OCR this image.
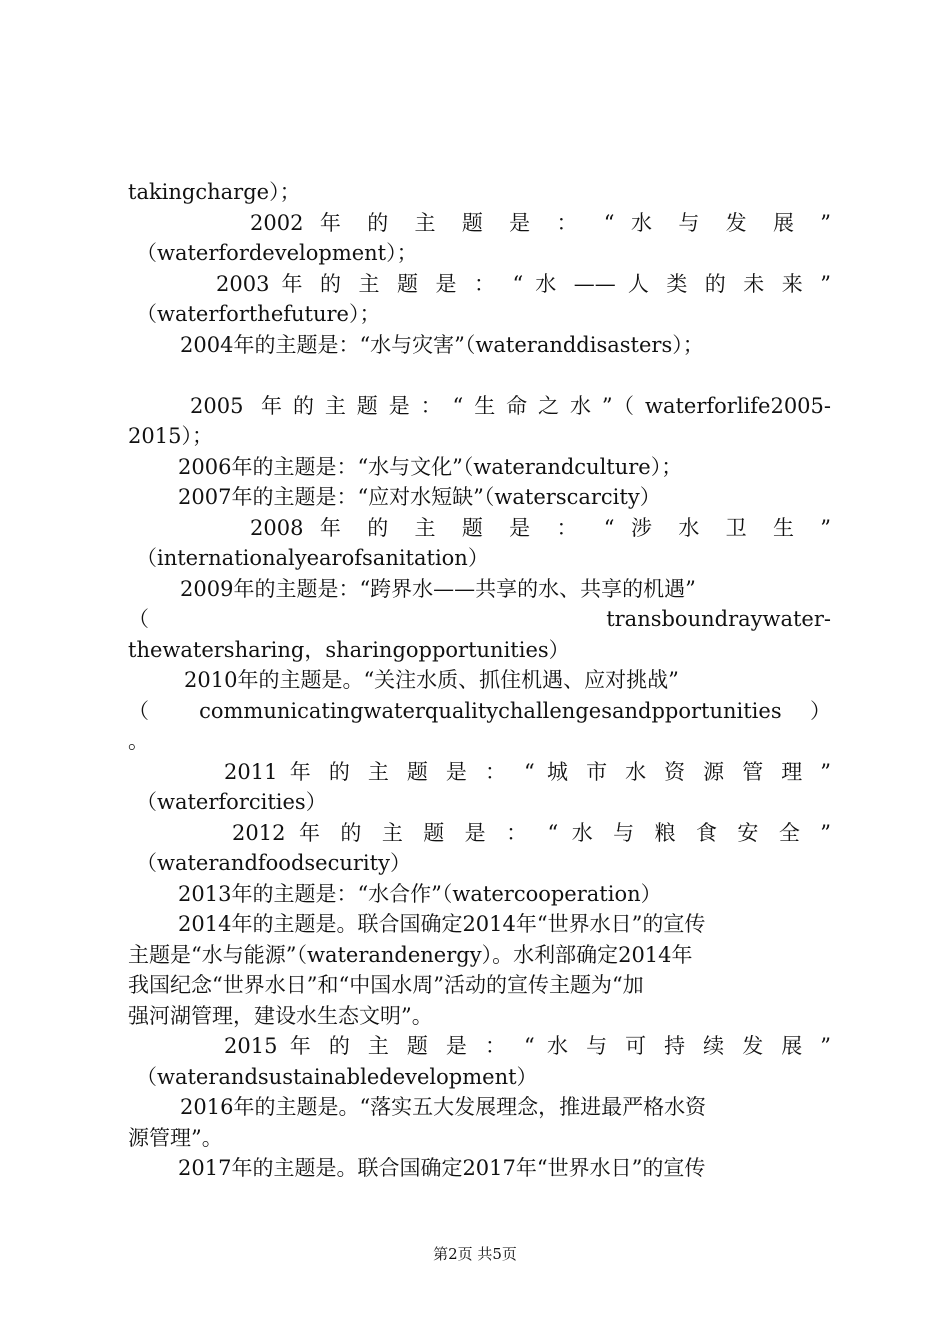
takingcharge）；
2002 年 的 主 题 是 ： “ 水 与 发 展 ”
（waterfordevelopment）；
2003 年 的 主 题 是 ： “ 水 —— 人 类 的 未 来 ”
（waterforthefuture）；
2004年的主题是：“水与灾害”（wateranddisasters）；
2005 年的主题是：“生命之水”（waterforlife2005-
2015）；
2006年的主题是：“水与文化”（waterandculture）；
2007年的主题是：“应对水短缺”（waterscarcity）
2008 年 的 主 题 是 ： “ 涉 水 卫 生 ”
（internationalyearofsanitation）
2009年的主题是：“跨界水——共享的水、共享的机遇”
（ transboundraywater-
thewatersharing，sharingopportunities）
2010年的主题是。“关注水质、抓住机遇、应对挑战”
（ communicatingwaterqualitychallengesandpportunities ）
。
2011 年 的 主 题 是 ： “ 城 市 水 资 源 管 理 ”
（waterforcities）
2012 年 的 主 题 是 ： “ 水 与 粮 食 安 全 ”
（waterandfoodsecurity）
2013年的主题是：“水合作”（watercooperation）
2014年的主题是。联合国确定2014年“世界水日”的宣传
主题是“水与能源”（waterandenergy）。水利部确定2014年
我国纪念“世界水日”和“中国水周”活动的宣传主题为“加
强河湖管理，建设水生态文明”。
2015 年 的 主 题 是 ： “ 水 与 可 持 续 发 展 ”
（waterandsustainabledevelopment）
2016年的主题是。“落实五大发展理念，推进最严格水资
源管理”。
2017年的主题是。联合国确定2017年“世界水日”的宣传
第2页 共5页
